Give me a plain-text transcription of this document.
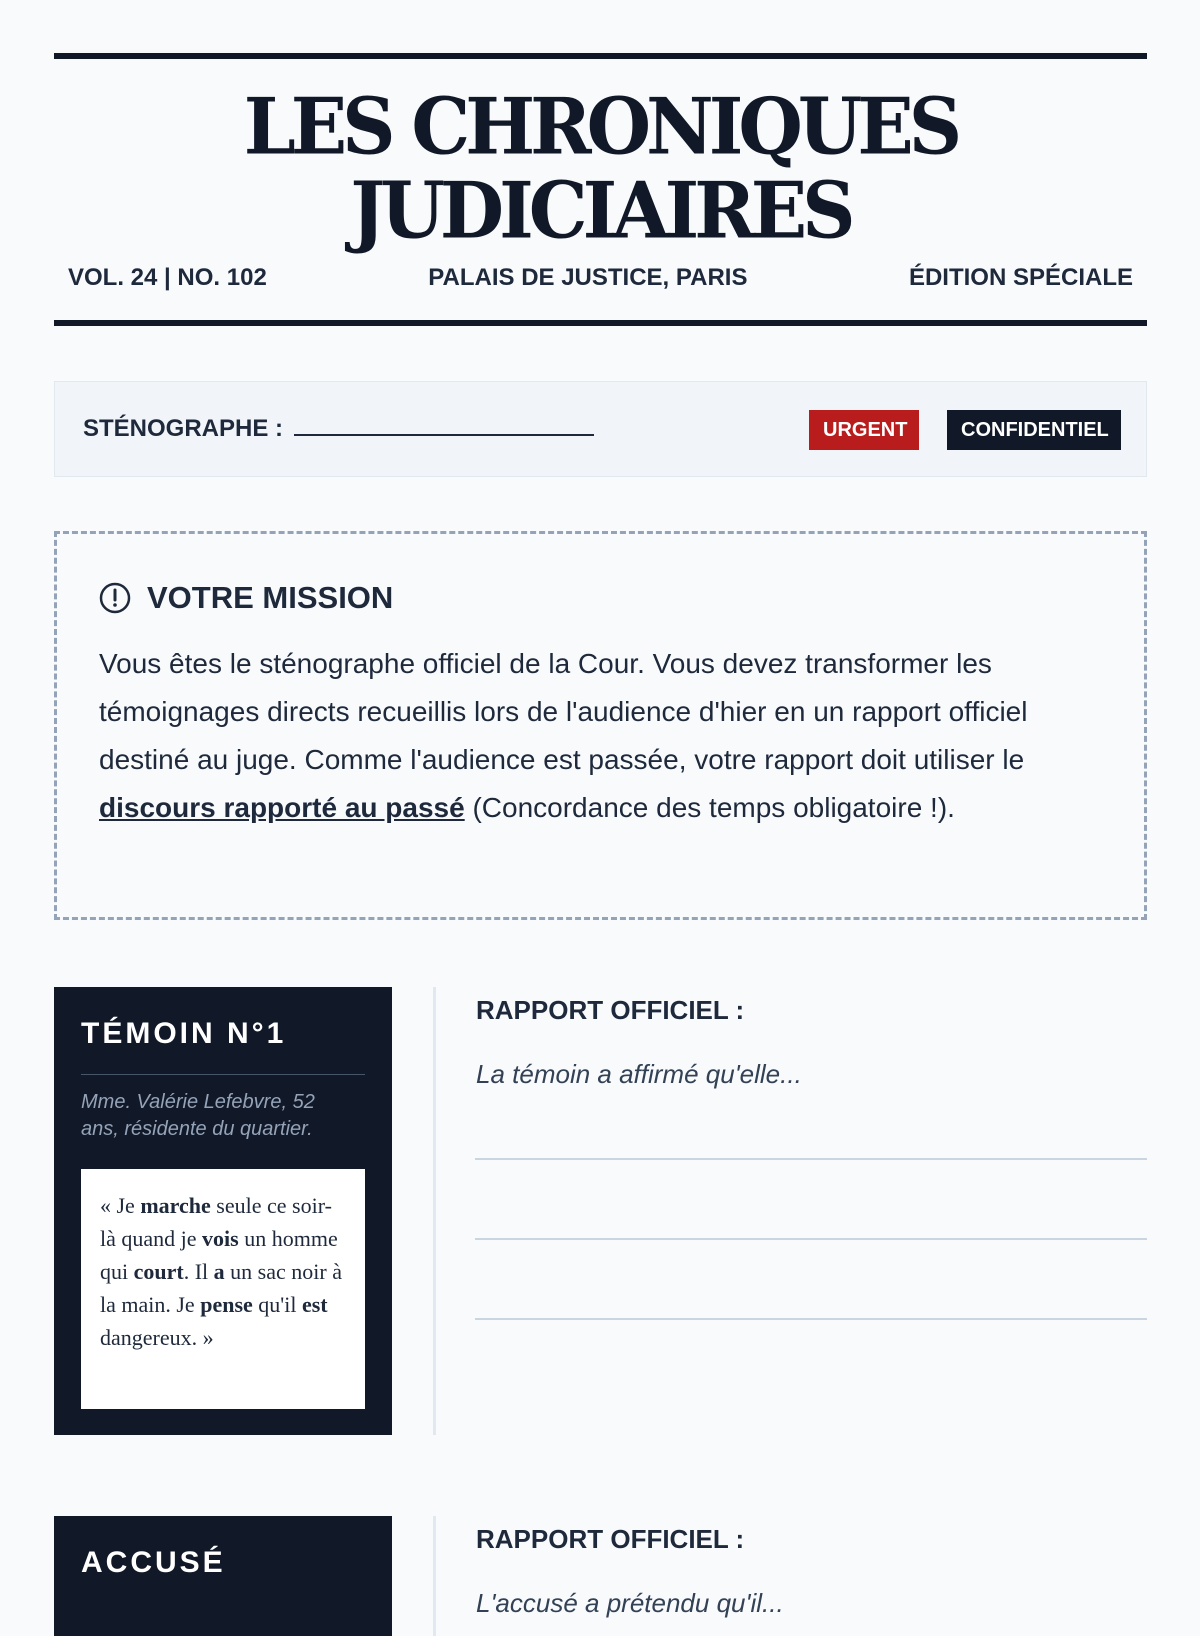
LES CHRONIQUES
JUDICIAIRES
VOL. 24 | NO. 102	PALAIS DE JUSTICE, PARIS	ÉDITION SPÉCIALE
STÉNOGRAPHE :	URGENT	CONFIDENTIEL
VOTRE MISSION

Vous êtes le sténographe officiel de la Cour. Vous devez transformer les témoignages directs recueillis lors de l'audience d'hier en un rapport officiel destiné au juge. Comme l'audience est passée, votre rapport doit utiliser le discours rapporté au passé (Concordance des temps obligatoire !).

TÉMOIN N°1
Mme. Valérie Lefebvre, 52 ans, résidente du quartier.
« Je marche seule ce soir-là quand je vois un homme qui court. Il a un sac noir à la main. Je pense qu'il est dangereux. »
RAPPORT OFFICIEL :
La témoin a affirmé qu'elle...
ACCUSÉ
RAPPORT OFFICIEL :
L'accusé a prétendu qu'il...
